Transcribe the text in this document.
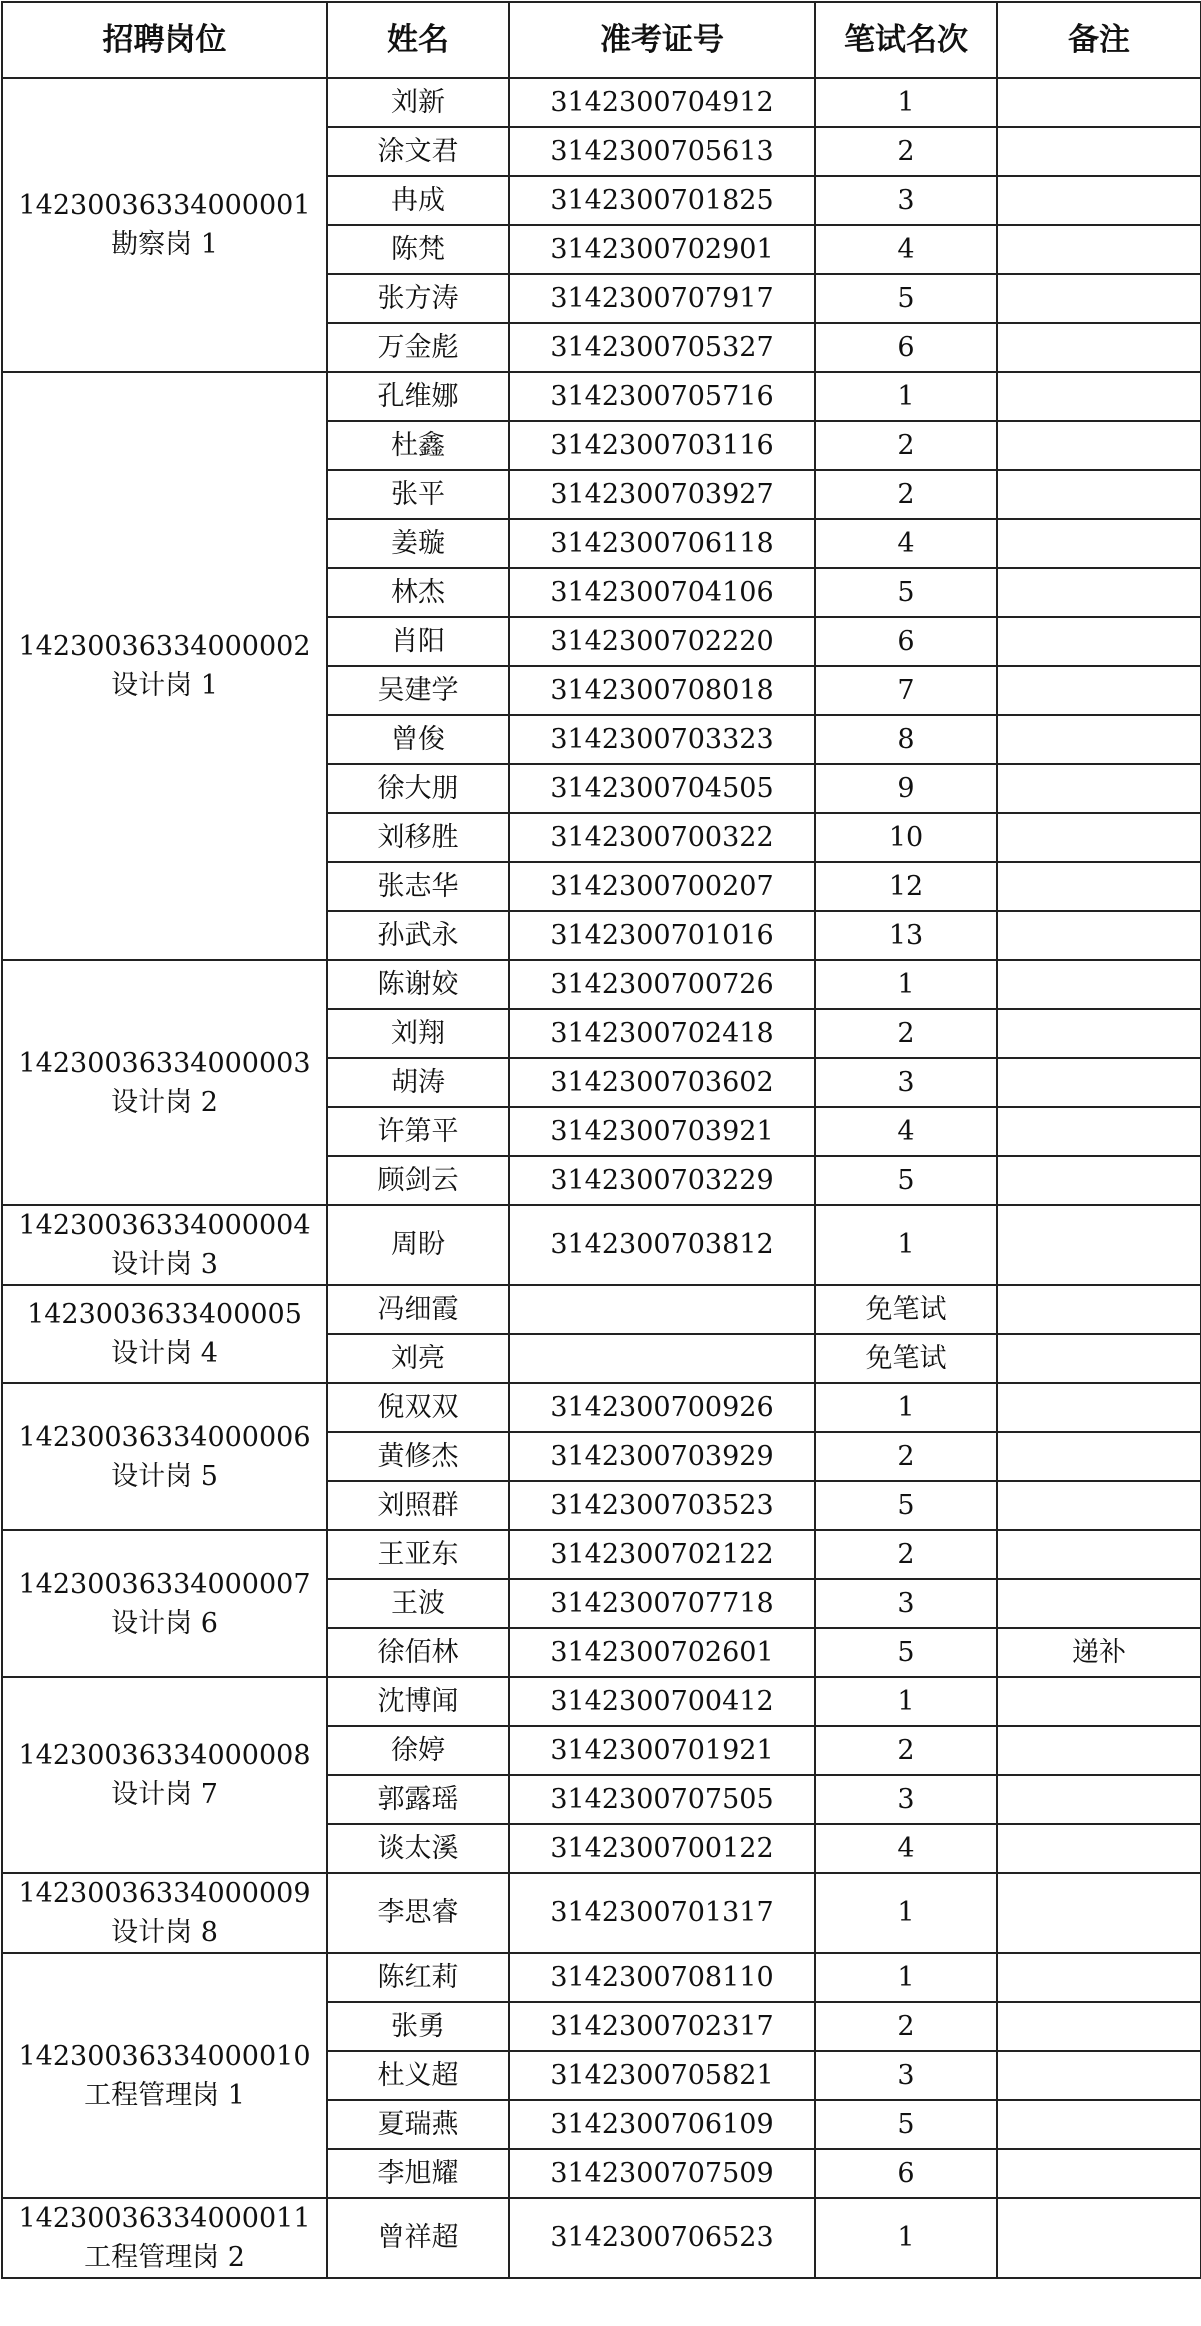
招聘岗位	姓名	准考证号	笔试名次	备注

14230036334000001
勘察岗 1	刘新	3142300704912	1	
	涂文君	3142300705613	2	
	冉成	3142300701825	3	
	陈梵	3142300702901	4	
	张方涛	3142300707917	5	
	万金彪	3142300705327	6	

14230036334000002
设计岗 1	孔维娜	3142300705716	1	
	杜鑫	3142300703116	2	
	张平	3142300703927	2	
	姜璇	3142300706118	4	
	林杰	3142300704106	5	
	肖阳	3142300702220	6	
	吴建学	3142300708018	7	
	曾俊	3142300703323	8	
	徐大朋	3142300704505	9	
	刘移胜	3142300700322	10	
	张志华	3142300700207	12	
	孙武永	3142300701016	13	

14230036334000003
设计岗 2	陈谢姣	3142300700726	1	
	刘翔	3142300702418	2	
	胡涛	3142300703602	3	
	许第平	3142300703921	4	
	顾剑云	3142300703229	5	

14230036334000004
设计岗 3	周盼	3142300703812	1	

1423003633400005
设计岗 4	冯细霞		免笔试	
	刘亮		免笔试	

14230036334000006
设计岗 5	倪双双	3142300700926	1	
	黄修杰	3142300703929	2	
	刘照群	3142300703523	5	

14230036334000007
设计岗 6	王亚东	3142300702122	2	
	王波	3142300707718	3	
	徐佰林	3142300702601	5	递补

14230036334000008
设计岗 7	沈博闻	3142300700412	1	
	徐婷	3142300701921	2	
	郭露瑶	3142300707505	3	
	谈太溪	3142300700122	4	

14230036334000009
设计岗 8	李思睿	3142300701317	1	

14230036334000010
工程管理岗 1	陈红莉	3142300708110	1	
	张勇	3142300702317	2	
	杜义超	3142300705821	3	
	夏瑞燕	3142300706109	5	
	李旭耀	3142300707509	6	

14230036334000011
工程管理岗 2	曾祥超	3142300706523	1	
